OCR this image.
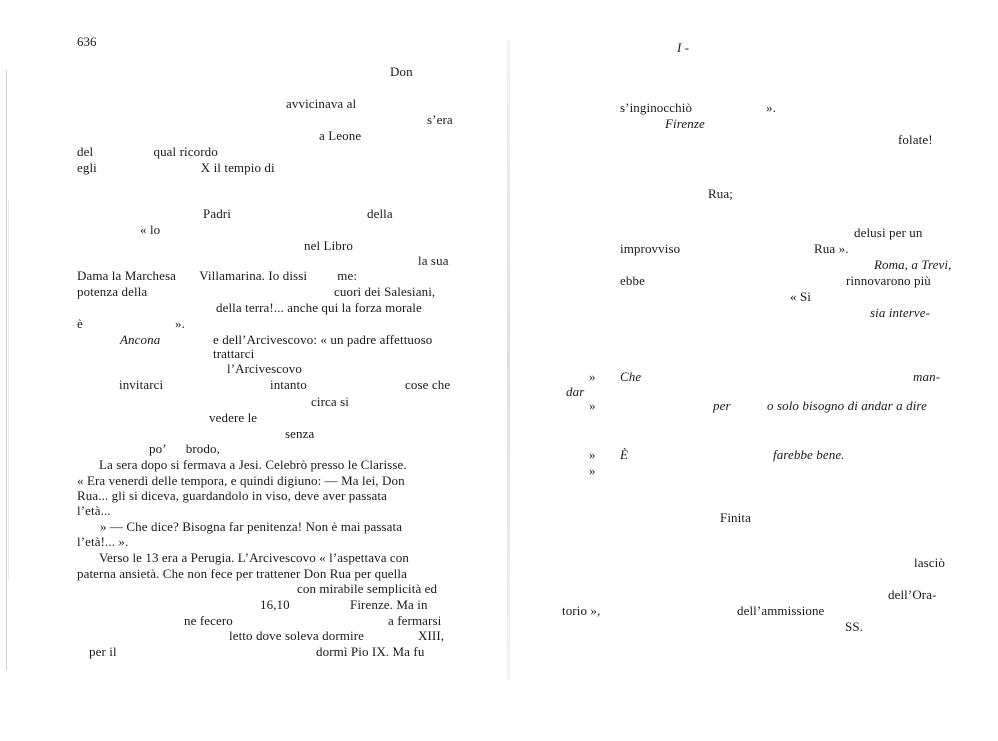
636
Don
avvicinava al
s’era
a Leone
del                  qual ricordo
egli                               X il tempio di
Padri	della
« lo
nel Libro
la sua
Dama la Marchesa       Villamarina. Io dissi         me:
potenza della	cuori dei Salesiani,
della terra!... anche qui la forza morale
è	».
Ancona	e dell’Arcivescovo: « un padre affettuoso
trattarci
l’Arcivescovo
invitarci	intanto	cose che
circa si
vedere le
senza
po’      brodo,
La sera dopo si fermava a Jesi. Celebrò presso le Clarisse.
« Era venerdì delle tempora, e quindi digiuno: — Ma lei, Don
Rua... gli si diceva, guardandolo in viso, deve aver passata
l’età...
» — Che dice? Bisogna far penitenza! Non è mai passata
l’età!... ».
Verso le 13 era a Perugia. L’Arcivescovo « l’aspettava con
paterna ansietà. Che non fece per trattener Don Rua per quella
con mirabile semplicità ed
16,10	Firenze. Ma in
ne fecero	a fermarsi
letto dove soleva dormire	XIII,
per il	dormì Pio IX. Ma fu
I -
s’inginocchiò	».
Firenze
folate!
Rua;
delusi per un
improvviso	Rua ».
Roma, a Trevi,
ebbe	rinnovarono più
« Si
sia interve-
» Che	man-
dar
»	per	o solo bisogno di andar a dire
» È	farebbe bene.
»
Finita
lasciò
dell’Ora-
torio »,	dell’ammissione
SS.
